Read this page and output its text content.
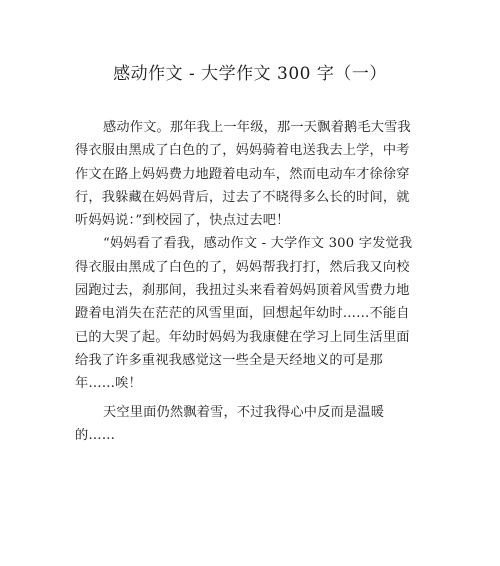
感动作文 - 大学作文 300 字（一）
感动作文。那年我上一年级，那一天飘着鹅毛大雪我
得衣服由黑成了白色的了，妈妈骑着电送我去上学，中考
作文在路上妈妈费力地蹬着电动车，然而电动车才徐徐穿
行，我躲藏在妈妈背后，过去了不晓得多么长的时间，就
听妈妈说：”到校园了，快点过去吧！
“妈妈看了看我，感动作文 - 大学作文 300 字发觉我
得衣服由黑成了白色的了，妈妈帮我打打，然后我又向校
园跑过去，刹那间，我扭过头来看着妈妈顶着风雪费力地
蹬着电消失在茫茫的风雪里面，回想起年幼时……不能自
已的大哭了起。年幼时妈妈为我康健在学习上同生活里面
给我了许多重视我感觉这一些全是天经地义的可是那
年……唉！
天空里面仍然飘着雪，不过我得心中反而是温暖
的……
